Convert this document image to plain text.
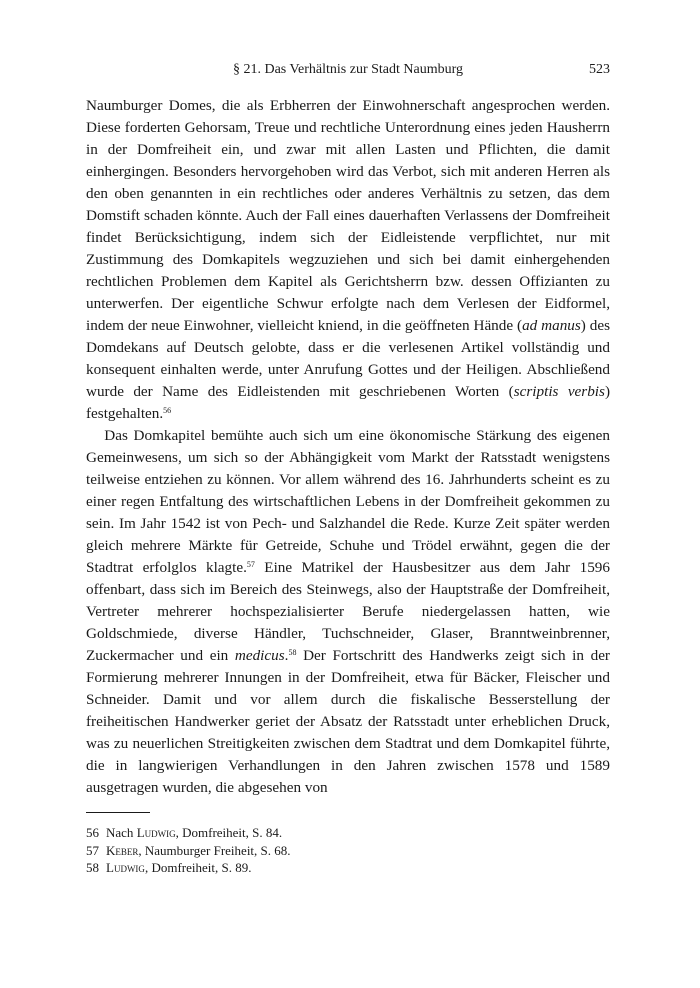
§ 21. Das Verhältnis zur Stadt Naumburg	523

Naumburger Domes, die als Erbherren der Einwohnerschaft angesprochen werden. Diese forderten Gehorsam, Treue und rechtliche Unterordnung eines jeden Hausherrn in der Domfreiheit ein, und zwar mit allen Lasten und Pflichten, die damit einhergingen. Besonders hervorgehoben wird das Verbot, sich mit anderen Herren als den oben genannten in ein rechtliches oder anderes Verhältnis zu setzen, das dem Domstift schaden könnte. Auch der Fall eines dauerhaften Verlassens der Domfreiheit findet Berücksichtigung, indem sich der Eidleistende verpflichtet, nur mit Zustimmung des Domkapitels wegzuziehen und sich bei damit einhergehenden rechtlichen Problemen dem Kapitel als Gerichtsherrn bzw. dessen Offizianten zu unterwerfen. Der eigentliche Schwur erfolgte nach dem Verlesen der Eidformel, indem der neue Einwohner, vielleicht kniend, in die geöffneten Hände (ad manus) des Domdekans auf Deutsch gelobte, dass er die verlesenen Artikel vollständig und konsequent einhalten werde, unter Anrufung Gottes und der Heiligen. Abschließend wurde der Name des Eidleistenden mit geschriebenen Worten (scriptis verbis) festgehalten.$^{56}$

Das Domkapitel bemühte auch sich um eine ökonomische Stärkung des eigenen Gemeinwesens, um sich so der Abhängigkeit vom Markt der Ratsstadt wenigstens teilweise entziehen zu können. Vor allem während des 16. Jahrhunderts scheint es zu einer regen Entfaltung des wirtschaftlichen Lebens in der Domfreiheit gekommen zu sein. Im Jahr 1542 ist von Pech- und Salzhandel die Rede. Kurze Zeit später werden gleich mehrere Märkte für Getreide, Schuhe und Trödel erwähnt, gegen die der Stadtrat erfolglos klagte.$^{57}$ Eine Matrikel der Hausbesitzer aus dem Jahr 1596 offenbart, dass sich im Bereich des Steinwegs, also der Hauptstraße der Domfreiheit, Vertreter mehrerer hochspezialisierter Berufe niedergelassen hatten, wie Goldschmiede, diverse Händler, Tuchschneider, Glaser, Branntweinbrenner, Zuckermacher und ein medicus.$^{58}$ Der Fortschritt des Handwerks zeigt sich in der Formierung mehrerer Innungen in der Domfreiheit, etwa für Bäcker, Fleischer und Schneider. Damit und vor allem durch die fiskalische Besserstellung der freiheitischen Handwerker geriet der Absatz der Ratsstadt unter erheblichen Druck, was zu neuerlichen Streitigkeiten zwischen dem Stadtrat und dem Domkapitel führte, die in langwierigen Verhandlungen in den Jahren zwischen 1578 und 1589 ausgetragen wurden, die abgesehen von

56 Nach Ludwig, Domfreiheit, S. 84.
57 Keber, Naumburger Freiheit, S. 68.
58 Ludwig, Domfreiheit, S. 89.
